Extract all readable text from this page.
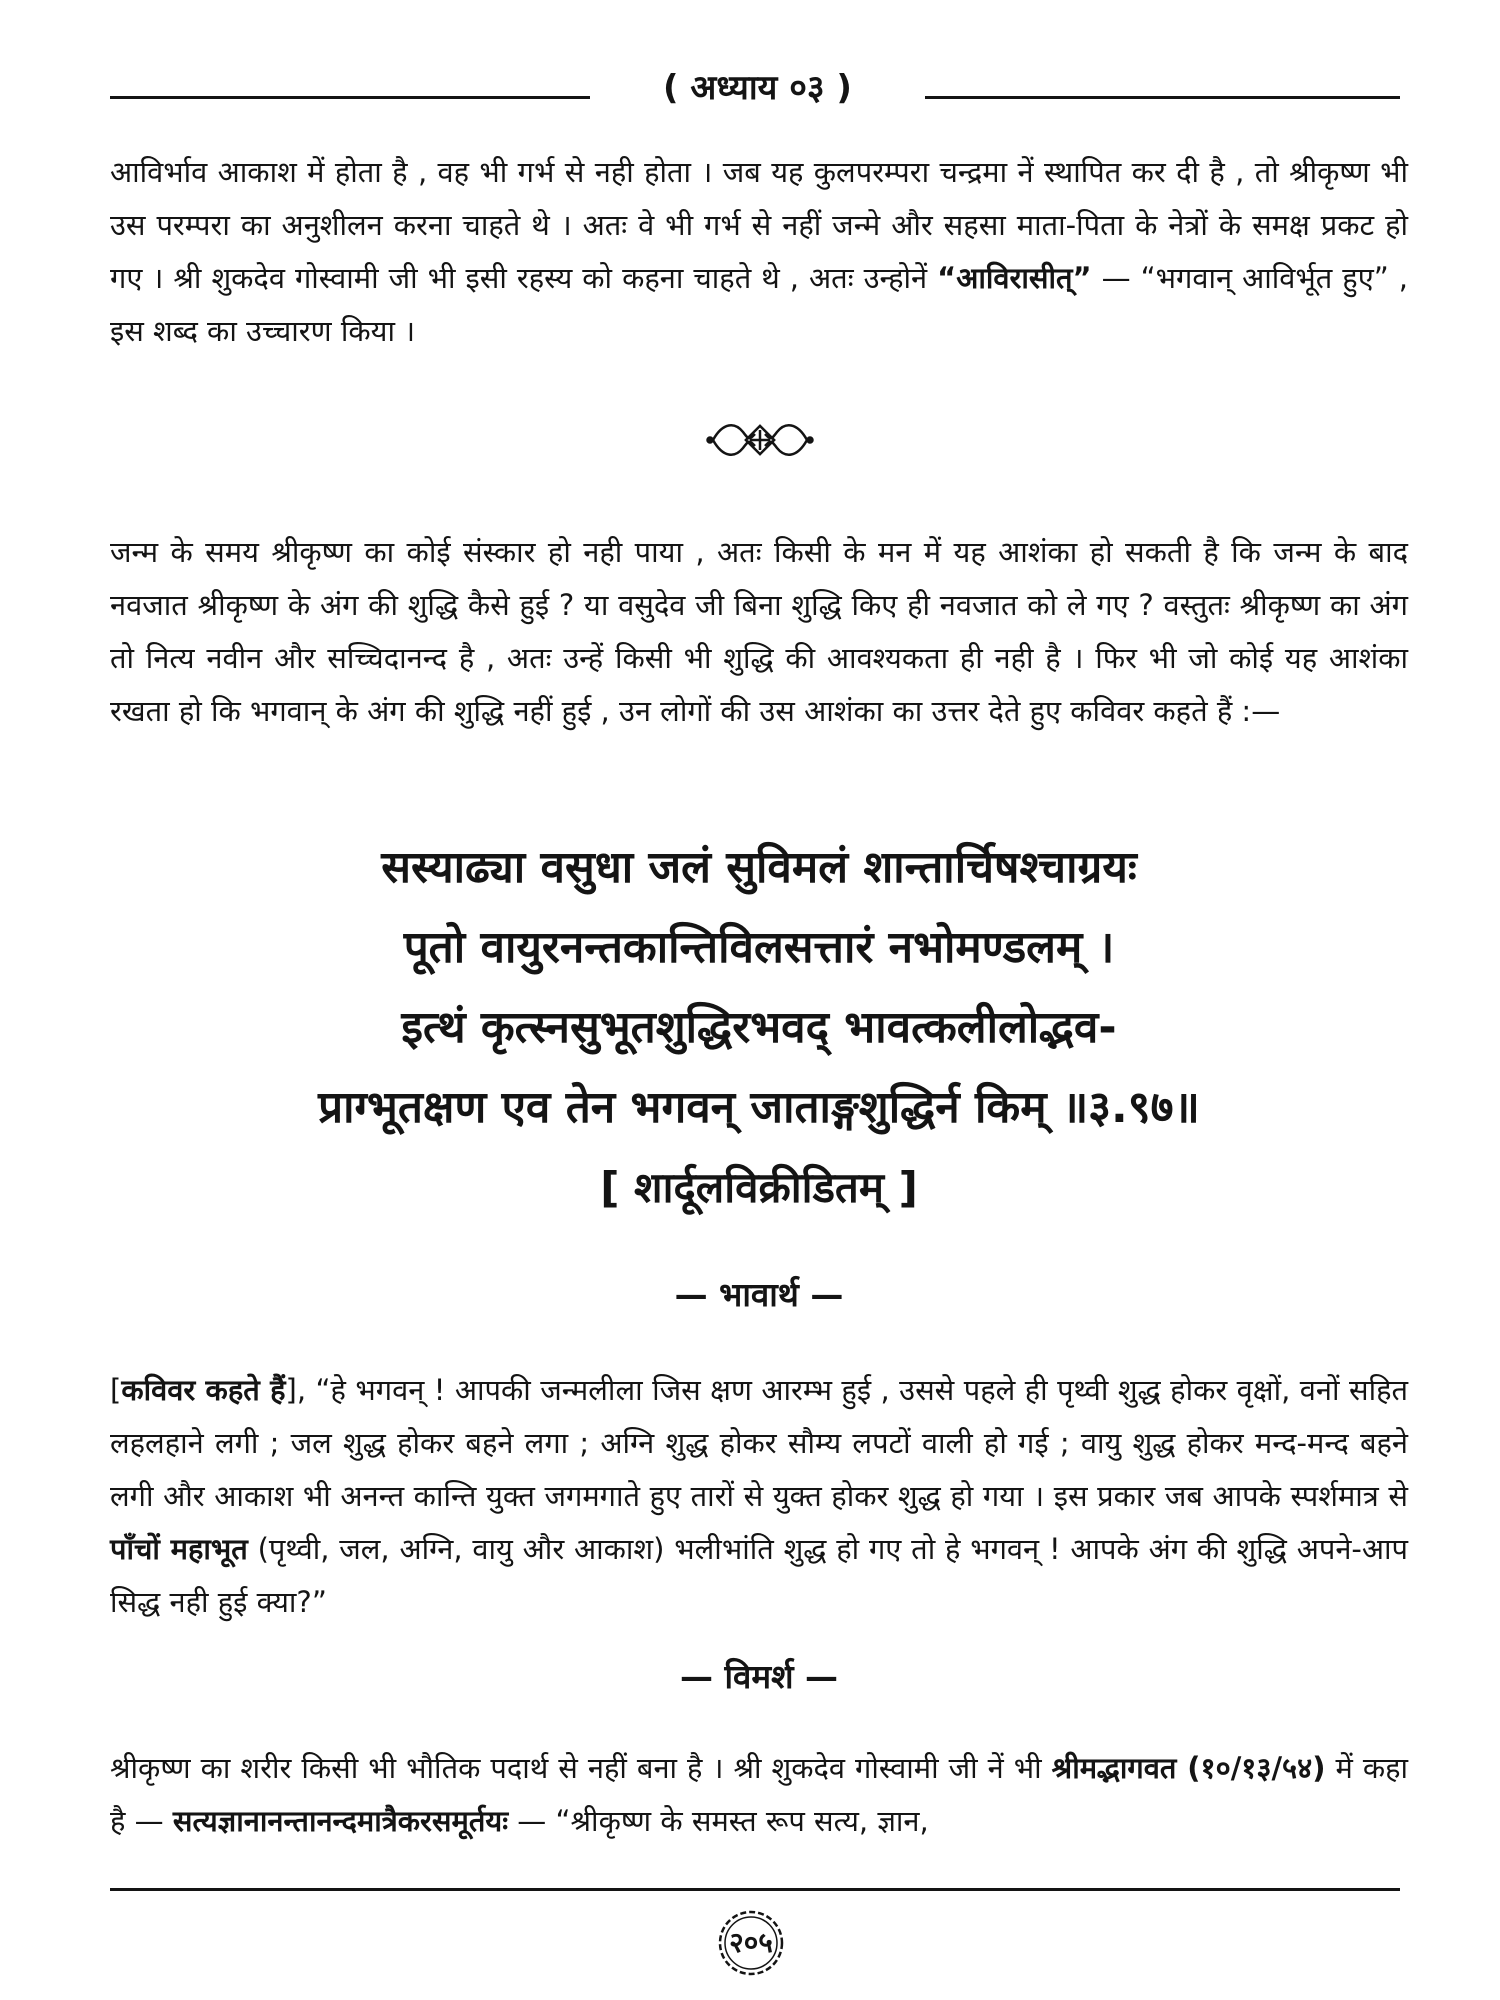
( अध्याय ०३ )

आविर्भाव आकाश में होता है , वह भी गर्भ से नही होता । जब यह कुलपरम्परा चन्द्रमा नें स्थापित कर दी है , तो श्रीकृष्ण भी उस परम्परा का अनुशीलन करना चाहते थे । अतः वे भी गर्भ से नहीं जन्मे और सहसा माता-पिता के नेत्रों के समक्ष प्रकट हो गए । श्री शुकदेव गोस्वामी जी भी इसी रहस्य को कहना चाहते थे , अतः उन्होनें “आविरासीत्” — “भगवान् आविर्भूत हुए” , इस शब्द का उच्चारण किया ।

जन्म के समय श्रीकृष्ण का कोई संस्कार हो नही पाया , अतः किसी के मन में यह आशंका हो सकती है कि जन्म के बाद नवजात श्रीकृष्ण के अंग की शुद्धि कैसे हुई ? या वसुदेव जी बिना शुद्धि किए ही नवजात को ले गए ? वस्तुतः श्रीकृष्ण का अंग तो नित्य नवीन और सच्चिदानन्द है , अतः उन्हें किसी भी शुद्धि की आवश्यकता ही नही है । फिर भी जो कोई यह आशंका रखता हो कि भगवान् के अंग की शुद्धि नहीं हुई , उन लोगों की उस आशंका का उत्तर देते हुए कविवर कहते हैं :—

सस्याढ्या वसुधा जलं सुविमलं शान्तार्चिषश्चाग्रयः
पूतो वायुरनन्तकान्तिविलसत्तारं नभोमण्डलम् ।
इत्थं कृत्स्नसुभूतशुद्धिरभवद् भावत्कलीलोद्भव-
प्राग्भूतक्षण एव तेन भगवन् जाताङ्गशुद्धिर्न किम् ॥३.९७॥
[ शार्दूलविक्रीडितम् ]
— भावार्थ —

[कविवर कहते हैं], “हे भगवन् ! आपकी जन्मलीला जिस क्षण आरम्भ हुई , उससे पहले ही पृथ्वी शुद्ध होकर वृक्षों, वनों सहित लहलहाने लगी ; जल शुद्ध होकर बहने लगा ; अग्नि शुद्ध होकर सौम्य लपटों वाली हो गई ; वायु शुद्ध होकर मन्द-मन्द बहने लगी और आकाश भी अनन्त कान्ति युक्त जगमगाते हुए तारों से युक्त होकर शुद्ध हो गया । इस प्रकार जब आपके स्पर्शमात्र से पाँचों महाभूत (पृथ्वी, जल, अग्नि, वायु और आकाश) भलीभांति शुद्ध हो गए तो हे भगवन् ! आपके अंग की शुद्धि अपने-आप सिद्ध नही हुई क्या?”

— विमर्श —

श्रीकृष्ण का शरीर किसी भी भौतिक पदार्थ से नहीं बना है । श्री शुकदेव गोस्वामी जी नें भी श्रीमद्भागवत (१०/१३/५४) में कहा है — सत्यज्ञानानन्तानन्दमात्रैकरसमूर्तयः — “श्रीकृष्ण के समस्त रूप सत्य, ज्ञान,

२०५
